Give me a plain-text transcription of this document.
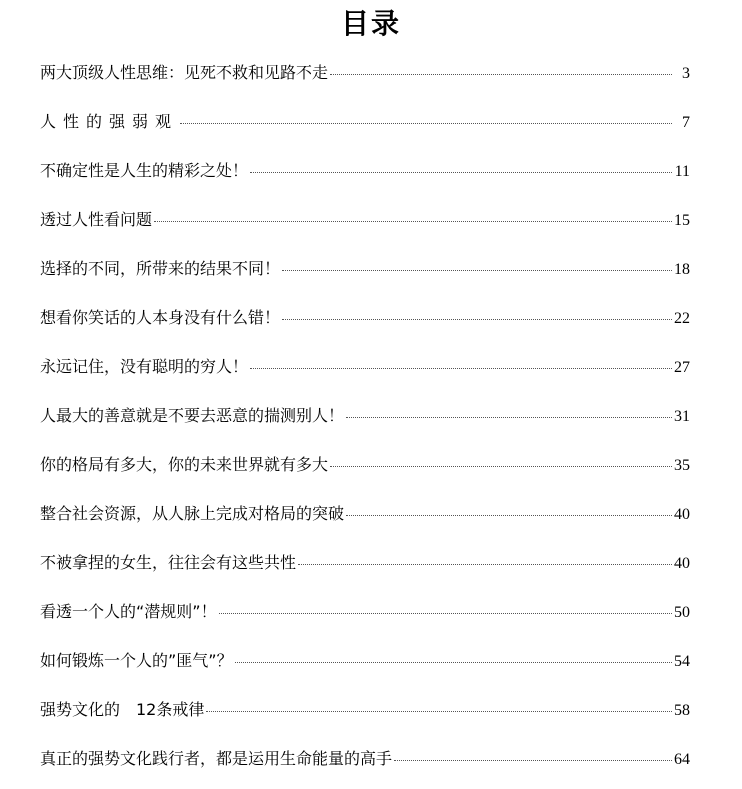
目录
两大顶级人性思维：见死不救和见路不走	3
人性的强弱观	7
不确定性是人生的精彩之处！	11
透过人性看问题	15
选择的不同，所带来的结果不同！	18
想看你笑话的人本身没有什么错！	22
永远记住，没有聪明的穷人！	27
人最大的善意就是不要去恶意的揣测别人！	31
你的格局有多大，你的未来世界就有多大	35
整合社会资源，从人脉上完成对格局的突破	40
不被拿捏的女生，往往会有这些共性	40
看透一个人的“潜规则”！	50
如何锻炼一个人的”匪气”？	54
强势文化的　12条戒律	58
真正的强势文化践行者，都是运用生命能量的高手	64
